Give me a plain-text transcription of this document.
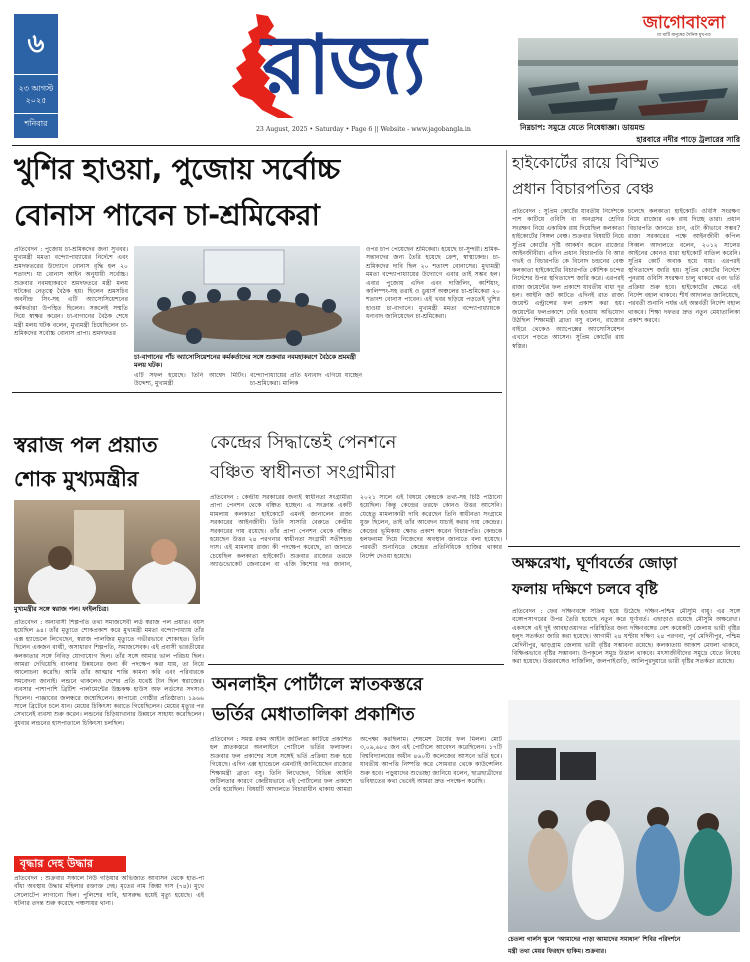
৬
২৩ আগস্ট ২০২৫
শনিবার
রাজ্য
23 August, 2025 • Saturday • Page 6 || Website - www.jagobangla.in
জাগোবাংলা
মা মাটি মানুষের দৈনিক মুখপত্র
নিম্নচাপ: সমুদ্রে যেতে নিষেধাজ্ঞা। ডায়মন্ড
হারবারে নদীর পাড়ে ট্রলারের সারি
খুশির হাওয়া, পুজোয় সর্বোচ্চ
বোনাস পাবেন চা-শ্রমিকেরা
প্রতিবেদন : পুজোয় চা-শ্রমিকদের জন্য সুখবর। মুখ্যমন্ত্রী মমতা বন্দ্যোপাধ্যায়ের নির্দেশে এবং শ্রমদফতরের উদ্যোগে বোনাস বৃদ্ধি হল ২০ শতাংশ। যা বোনাস আইন অনুযায়ী সর্বোচ্চ। শুক্রবার নবমহাকরণে শ্রমদফতরে মন্ত্রী মলয় ঘটকের নেতৃত্বে বৈঠক হয়। ছিলেন শ্রমসচিব অবনীন্দ্র সিং-সহ এটি অ্যাসোসিয়েশনের কর্মকর্তারা উপস্থিত ছিলেন। সকলেই সম্মতি দিয়ে স্বাক্ষর করেন। চা-বাগানের বৈঠক শেষে মন্ত্রী মলয় ঘটক বলেন, মুখ্যমন্ত্রী চিয়েছিলেন চা-শ্রমিকদের সর্বোচ্চ বোনাস প্রাপ্য। শ্রমদফতর
চা-বাগানের পাঁচ অ্যাসোসিয়েশনের কর্মকর্তাদের সঙ্গে শুক্রবার নবমহাকরণে বৈঠকে শ্রমমন্ত্রী মলয় ঘটক।
এটি সফল হয়েছে। তিনি আশ্বেদ মিটিং। উদ্দেশ্য, মুখ্যমন্ত্রী
বন্দ্যোপাধ্যায়ের প্রতি ধন্যবাদ এগিয়ে যাচ্ছেন চা-শ্রমিকেরা। মালিক
ওপর চাপ পেয়েছেন শ্রমিকেরা। হয়েছে চা-সুন্দরী। শ্রমিক-সন্তানদের জন্য তৈরি হয়েছে ক্রেশ, স্বাস্থ্যকেন্দ্র। চা-শ্রমিকদের দাবি ছিল ২০ শতাংশ বোনাসের। মুখ্যমন্ত্রী মমতা বন্দ্যোপাধ্যায়ের উদ্যোগে এবার তাই সম্ভব হল। এবার পুজোয় এদিন এবং দার্জিলিং, কার্শিয়াং, কালিম্পং-সহ তরাই ও ডুয়ার্স অঞ্চলের চা-শ্রমিকেরা ২০ শতাংশ বোনাস পাবেন। এই খবর ছড়িয়ে পড়তেই খুশির হাওয়া চা-বাগানে। মুখ্যমন্ত্রী মমতা বন্দ্যোপাধ্যায়কে ধন্যবাদ জানিয়েছেন চা-শ্রমিকেরা।
হাইকোর্টের রায়ে বিস্মিত
প্রধান বিচারপতির বেঞ্চ
প্রতিবেদন : সুপ্রিম কোর্টের যাবতীয় নির্দেশকে পাশ কাটিয়ে ওবিসি বা অনগ্রসর শ্রেণির সংরক্ষণ নিয়ে একাধিক রায় দিয়েছিল কলকাতা হাইকোর্টের সিঙ্গল বেঞ্চ। শুক্রবার বিষয়টি নিয়ে সুপ্রিম কোর্টের দৃষ্টি আকর্ষণ করেন রাজ্যের আইনজীবীরা। এদিন প্রধান বিচারপতি বি আর গভই ও বিচারপতি কে বিনোদ চন্দ্রনের বেঞ্চ কলকাতা হাইকোর্টের বিচারপতি কৌশিক চন্দের নির্দেশের উপর স্থগিতাদেশ জারি করে। এরপরই রাজ্য জয়েন্টের ফল প্রকাশে যাবতীয় বাধা দূর হল। আইনি জট কাটতে এদিনই রাত রাজ্য জয়েন্ট এন্ট্রান্সের ফল প্রকাশ করা হয়। জয়েন্টের ফলপ্রকাশে দেরি হওয়ায় অভিযোগ উঠছিল শিক্ষামন্ত্রী ব্রাত্য বসু বলেন, রাজ্যের বাইরে থেকেও অ্যাপেক্সের অ্যাসোসিয়েশন এখানে পড়তে আসেন। সুপ্রিম কোর্টের রায় স্বস্তির।
চলেছে কলকাতা হাইকোর্ট। ওবিসি সংরক্ষণ নিয়ে রাজ্যের এক রায় দিচ্ছে তারা। প্রধান বিচারপতি জানতে চান, এটা কীভাবে সম্ভব? রাজ্য সরকারের পক্ষে আইনজীবী কপিল সিব্বল আদালতে বলেন, ২০১২ সালের আইনের কোনও ধারা হাইকোর্ট বাতিল করেনি। সুপ্রিম কোর্ট অবাক হয়ে যায়। এরপরই স্থগিতাদেশ জারি হয়। সুপ্রিম কোর্টের নির্দেশে পুনরায় ওবিসি সংরক্ষণ চালু থাকবে এবং ভর্তি প্রক্রিয়া শুরু হবে। হাইকোর্টের ক্ষেত্রে এই নির্দেশ বহাল থাকবে। শীর্ষ আদালত জানিয়েছে, পরবর্তী শুনানি পর্যন্ত এই অন্তর্বর্তী নির্দেশ বহাল থাকবে। শিক্ষা দফতর দ্রুত নতুন মেধাতালিকা প্রকাশ করবে।
স্বরাজ পল প্রয়াত
শোক মুখ্যমন্ত্রীর
মুখ্যমন্ত্রীর সঙ্গে স্বরাজ পল। ফাইলচিত্র।
প্রতিবেদন : অনাবাসী শিল্পপতি তথা সমাজসেবী লর্ড স্বরাজ পল প্রয়াত। বয়স হয়েছিল ৯৪। তাঁর মৃত্যুতে শোকপ্রকাশ করে মুখ্যমন্ত্রী মমতা বন্দ্যোপাধ্যায় তাঁর এক্স হ্যান্ডেলে লিখেছেন, স্বরাজ পালজির মৃত্যুতে গভীরভাবে শোকাহত। তিনি ছিলেন একজন বাগ্মী, অসাধারণ শিল্পপতি, সমাজসেবক। এই প্রবাসী ভারতীয়ের কলকাতার সঙ্গে নিবিড় যোগাযোগ ছিল। তাঁর সঙ্গে আমার ভাল পরিচয় ছিল। আমরা দেখিয়েছি বাংলার উন্নয়নের জন্য কী পদক্ষেপ করা যায়, তা নিয়ে আলোচনা করেছি। আমি তাঁর আত্মার শান্তি কামনা করি এবং পরিবারকে সমবেদনা জানাই। লন্ডনে থাকলেও দেশের প্রতি যথেষ্ট টান ছিল স্বরাজের। ব্যবসার পাশাপাশি ব্রিটিশ পার্লামেন্টের উচ্চকক্ষ হাউস অফ লর্ডসের সদস্যও ছিলেন। পাঞ্জাবের জলন্ধরে জন্মেছিলেন। কাপারো গোষ্ঠীর প্রতিষ্ঠাতা। ১৯৬৬ সালে ব্রিটেনে চলে যান। মেয়ের চিকিৎসা করাতে গিয়েছিলেন। মেয়ের মৃত্যুর পর সেখানেই ব্যবসা শুরু করেন। লন্ডনের চিড়িয়াখানার উন্নয়নে সাহায্য করেছিলেন। বুধবার লন্ডনের হাসপাতালে চিকিৎসা চলছিল।
কেন্দ্রের সিদ্ধান্তেই পেনশনে
বঞ্চিত স্বাধীনতা সংগ্রামীরা
প্রতিবেদন : কেন্দ্রীয় সরকারের জন্যই স্বাধীনতা সংগ্রামীরা প্রাপ্য পেনশন থেকে বঞ্চিত হচ্ছেন। এ সংক্রান্ত একটি মামলায় কলকাতা হাইকোর্টে এমনই জানালেন রাজ্য সরকারের আইনজীবী। তিনি সাসারি বেরুতে কেন্দ্রীয় সরকারের দায় রয়েছে। তাঁর প্রাপ্য পেনশন থেকে বঞ্চিত হয়েছেন উত্তর ২৪ পরগনার স্বাধীনতা সংগ্রামী সতীশচন্দ্র দাস। এই মামলায় রাজ্য কী পদক্ষেপ করেছে, তা জানতে চেয়েছিল কলকাতা হাইকোর্ট। শুক্রবার রাজ্যের তরফে অ্যাডভোকেট জেনারেল বা এজি কিশোর দত্ত জানান, ২০২১ সালে এই বিষয়ে কেন্দ্রকে তথ্য-সহ চিঠি পাঠানো হয়েছিল। কিন্তু কেন্দ্রের তরফে কোনও উত্তর আসেনি। যেহেতু মামলাকারী দাবি করেছেন তিনি স্বাধীনতা সংগ্রামে যুক্ত ছিলেন, তাই তাঁর আবেদন যাচাই করার দায় কেন্দ্রের। কেন্দ্রের ভূমিকায় ক্ষোভ প্রকাশ করেন বিচারপতি। কেন্দ্রকে হলফনামা দিয়ে নিজেদের অবস্থান জানাতে বলা হয়েছে। পরবর্তী শুনানিতে কেন্দ্রের প্রতিনিধিকে হাজির থাকার নির্দেশ দেওয়া হয়েছে।	অক্ষরেখা, ঘূর্ণাবর্তের জোড়া
ফলায় দক্ষিণে চলবে বৃষ্টি
প্রতিবেদন : ফের দক্ষিণবঙ্গে সক্রিয় হয়ে উঠেছে দক্ষিণ-পশ্চিম মৌসুমি বায়ু। এর সঙ্গে বঙ্গোপসাগরের উপর তৈরি হয়েছে নতুন করে ঘূর্ণাবর্ত। এছাড়াও রয়েছে মৌসুমি অক্ষরেখা। একসঙ্গে এই দুই আবহাওয়াগত পরিস্থিতির জন্য দক্ষিণবঙ্গের বেশ কয়েকটি জেলায় ভারী বৃষ্টির হলুদ সতর্কতা জারি করা হয়েছে। আগামী ২৪ ঘণ্টায় দক্ষিণ ২৪ পরগনা, পূর্ব মেদিনীপুর, পশ্চিম মেদিনীপুর, ঝাড়গ্রাম জেলায় ভারী বৃষ্টির সম্ভাবনা রয়েছে। কলকাতায় আকাশ মেঘলা থাকবে, বিক্ষিপ্তভাবে বৃষ্টির সম্ভাবনা। উপকূলে সমুদ্র উত্তাল থাকবে। মৎস্যজীবীদের সমুদ্রে যেতে নিষেধ করা হয়েছে। উত্তরবঙ্গেও দার্জিলিং, জলপাইগুড়ি, আলিপুরদুয়ারে ভারী বৃষ্টির সতর্কতা রয়েছে।
চেতলা গার্লস স্কুলে ‘আমাদের পাড়া আমাদের সমাধান’ শিবির পরিদর্শনে
মন্ত্রী তথা মেয়র ফিরহাদ হাকিম। শুক্রবার।
অনলাইন পোর্টালে স্নাতকস্তরে
ভর্তির মেধাতালিকা প্রকাশিত
প্রতিবেদন : সমস্ত রকম আইনি জটিলতা কাটিয়ে প্রকাশিত হল স্নাতকস্তরে অনলাইনে পোর্টালে ভর্তির ফলাফল। শুক্রবার ফল প্রকাশের সঙ্গে সঙ্গেই ভর্তি প্রক্রিয়া শুরু হয়ে গিয়েছে। এদিন এক্স হ্যান্ডেলে এমনটাই জানিয়েছেন রাজ্যের শিক্ষামন্ত্রী ব্রাত্য বসু। তিনি লিখেছেন, বিভিন্ন আইনি জটিলতার কারণে কেন্দ্রীয়ভাবে এই পোর্টালের ফল প্রকাশে দেরি হয়েছিল। বিষয়টি আদালতে বিচারাধীন থাকায় আমরা অপেক্ষা করছিলাম। শেষমেশ ধৈর্যের ফল মিলল। মোট ৩,০৯,৬৮৫ জন এই পোর্টালে আবেদন করেছিলেন। ১৭টি বিশ্ববিদ্যালয়ের অধীন ৪৬০টি কলেজের আসনে ভর্তি হবে। যাবতীয় আপত্তি নিষ্পত্তি করে সোমবার থেকে কাউন্সেলিং শুরু হবে। পড়ুয়াদের শুভেচ্ছা জানিয়ে বলেন, ছাত্রছাত্রীদের ভবিষ্যতের কথা ভেবেই আমরা দ্রুত পদক্ষেপ করেছি।
বৃদ্ধার দেহ উদ্ধার
প্রতিবেদন : শুক্রবার সকালে নিউ গড়িয়ার অভিজাত আবাসন থেকে হাত-পা বাঁধা অবস্থায় উদ্ধার মহিলার রক্তাক্ত দেহ। মৃতের নাম জিঙ্কা দাস (৭৪)। মুখে সেলোটেপ লাগানো ছিল। পুলিশের দাবি, শ্বাসরুদ্ধ হয়েই মৃত্যু হয়েছে। এই ঘটনার তদন্ত শুরু করেছে পঞ্চসায়র থানা।
